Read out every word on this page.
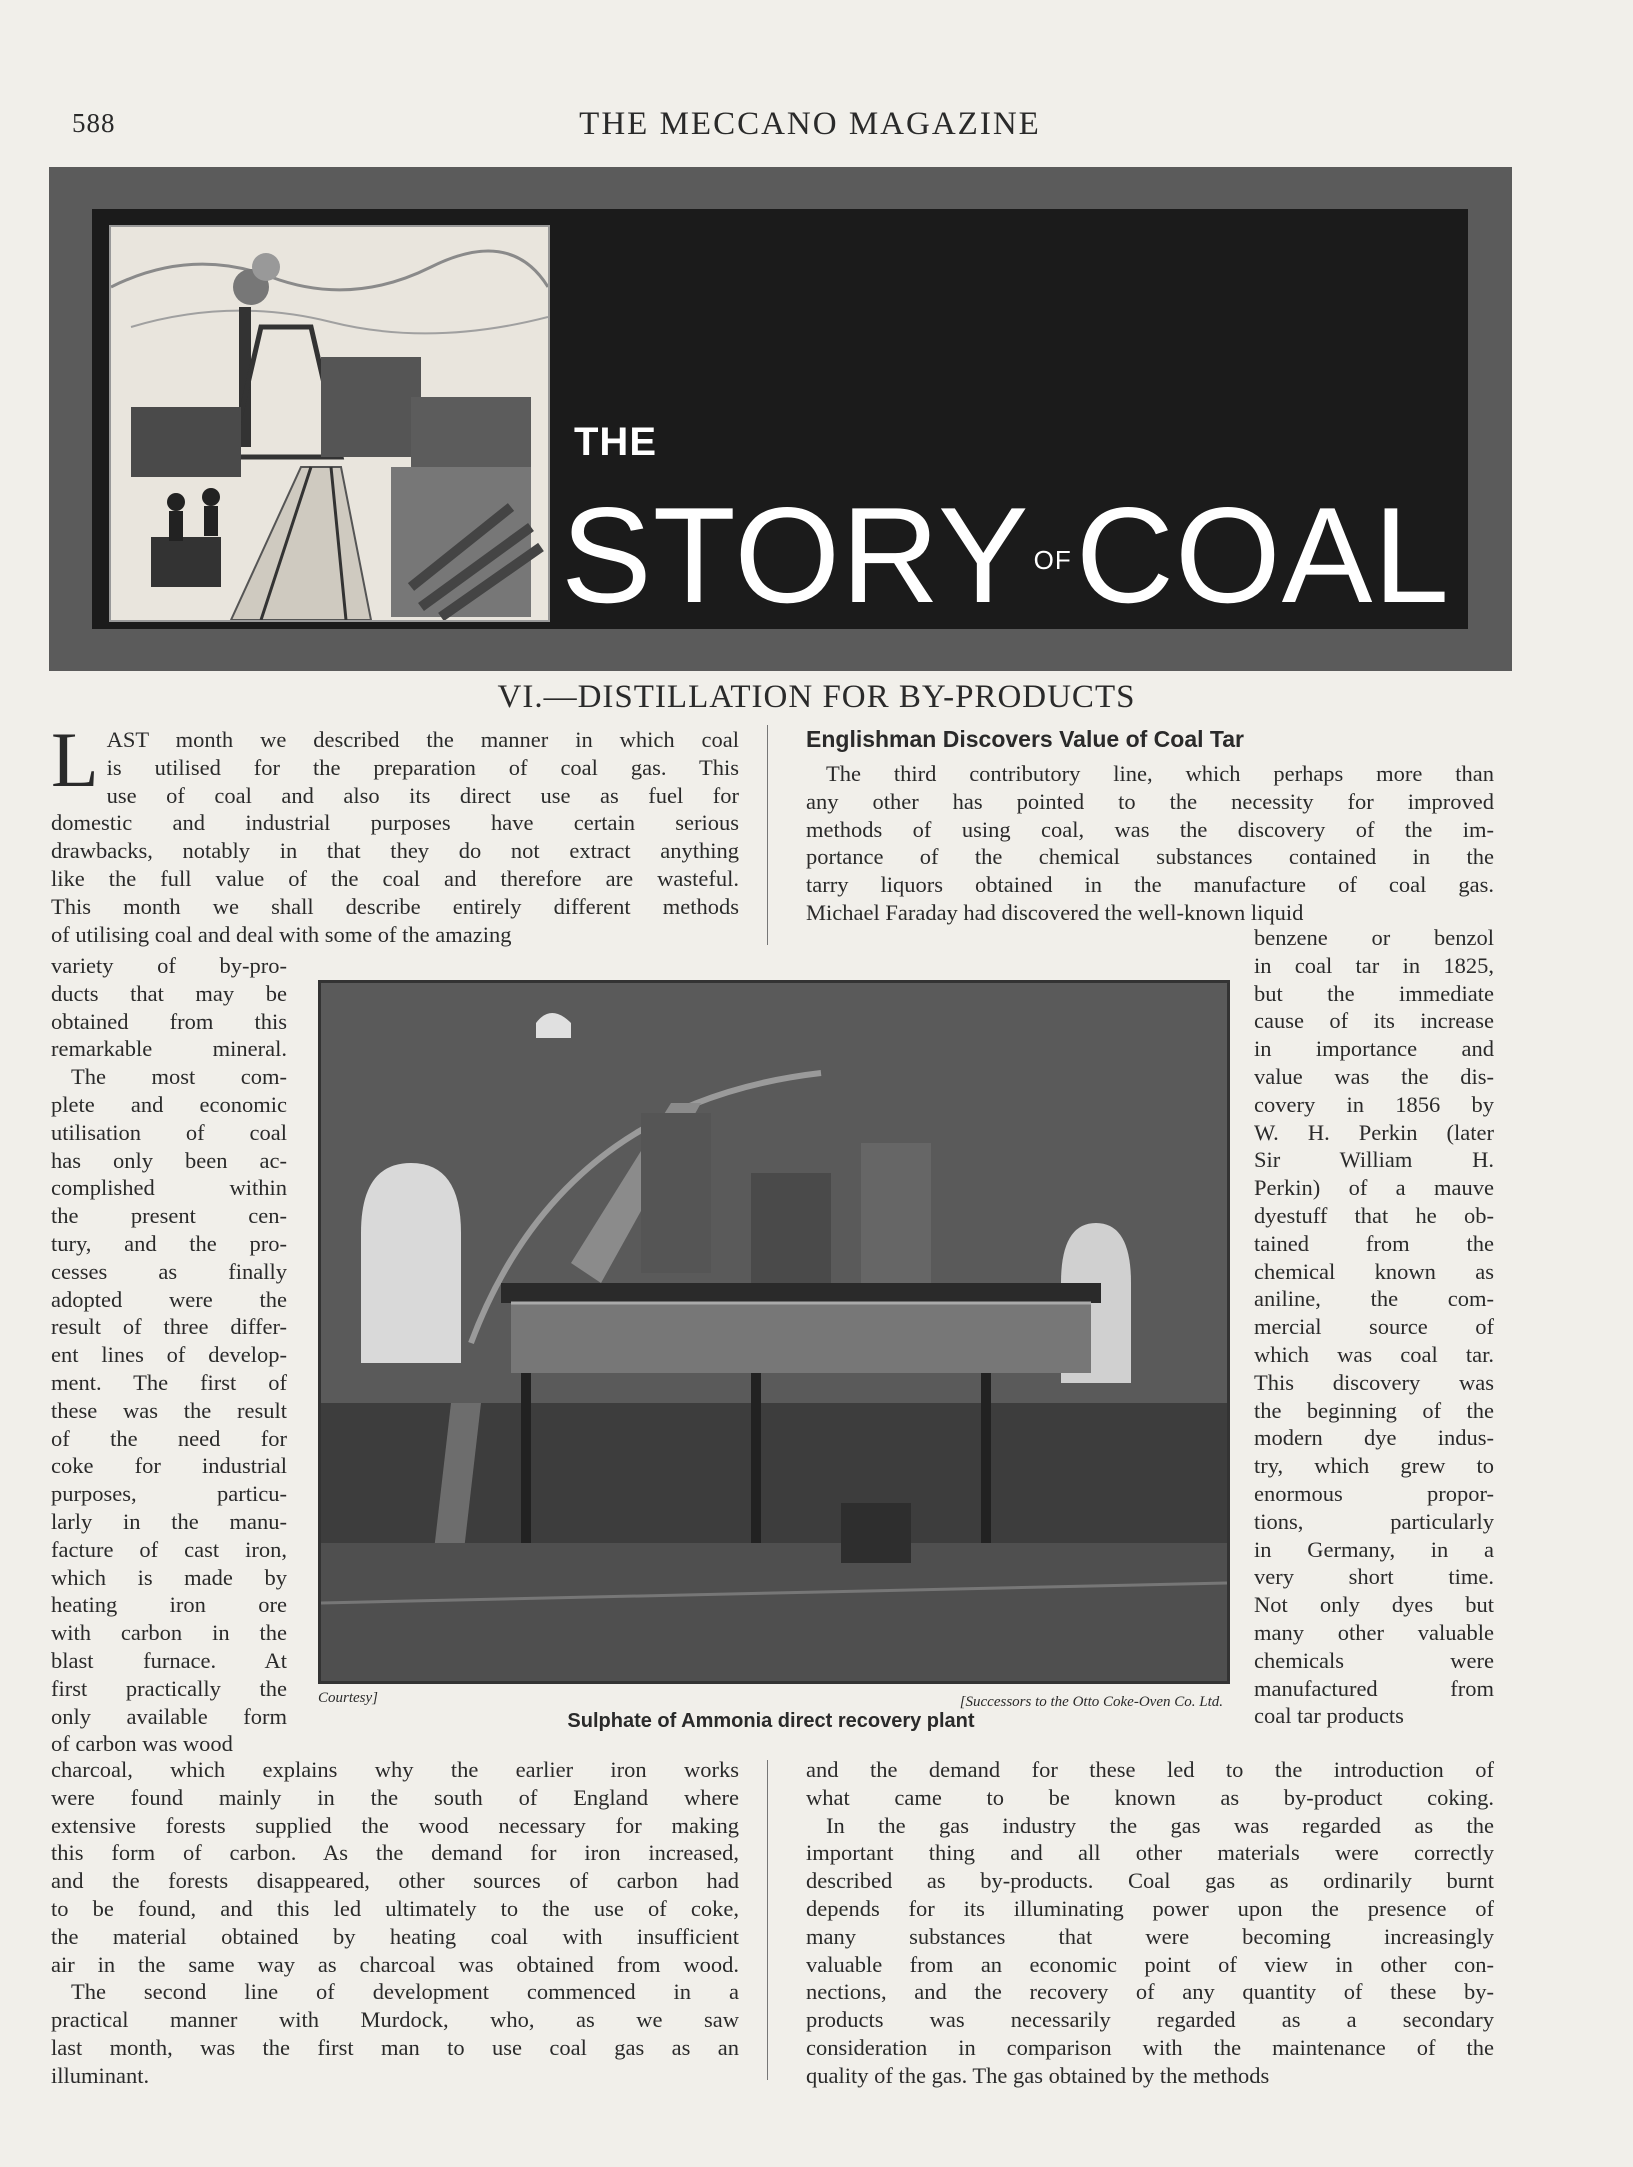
588	THE MECCANO MAGAZINE
THE
STORY OFCOAL
VI.—DISTILLATION FOR BY-PRODUCTS
L AST month we described the manner in which coal
is utilised for the preparation of coal gas. This
use of coal and also its direct use as fuel for
domestic and industrial purposes have certain serious
drawbacks, notably in that they do not extract anything
like the full value of the coal and therefore are wasteful.
This month we shall describe entirely different methods
of utilising coal and deal with some of the amazing

variety of by-pro-
ducts that may be
obtained from this
remarkable mineral.
The most com-
plete and economic
utilisation of coal
has only been ac-
complished within
the present cen-
tury, and the pro-
cesses as finally
adopted were the
result of three differ-
ent lines of develop-
ment. The first of
these was the result
of the need for
coke for industrial
purposes, particu-
larly in the manu-
facture of cast iron,
which is made by
heating iron ore
with carbon in the
blast furnace. At
first practically the
only available form
of carbon was wood

charcoal, which explains why the earlier iron works
were found mainly in the south of England where
extensive forests supplied the wood necessary for making
this form of carbon. As the demand for iron increased,
and the forests disappeared, other sources of carbon had
to be found, and this led ultimately to the use of coke,
the material obtained by heating coal with insufficient
air in the same way as charcoal was obtained from wood.
The second line of development commenced in a
practical manner with Murdock, who, as we saw
last month, was the first man to use coal gas as an
illuminant.

Englishman Discovers Value of Coal Tar

The third contributory line, which perhaps more than
any other has pointed to the necessity for improved
methods of using coal, was the discovery of the im-
portance of the chemical substances contained in the
tarry liquors obtained in the manufacture of coal gas.
Michael Faraday had discovered the well-known liquid

benzene or benzol
in coal tar in 1825,
but the immediate
cause of its increase
in importance and
value was the dis-
covery in 1856 by
W. H. Perkin (later
Sir William H.
Perkin) of a mauve
dyestuff that he ob-
tained from the
chemical known as
aniline, the com-
mercial source of
which was coal tar.
This discovery was
the beginning of the
modern dye indus-
try, which grew to
enormous propor-
tions, particularly
in Germany, in a
very short time.
Not only dyes but
many other valuable
chemicals were
manufactured from
coal tar products

and the demand for these led to the introduction of
what came to be known as by-product coking.
In the gas industry the gas was regarded as the
important thing and all other materials were correctly
described as by-products. Coal gas as ordinarily burnt
depends for its illuminating power upon the presence of
many substances that were becoming increasingly
valuable from an economic point of view in other con-
nections, and the recovery of any quantity of these by-
products was necessarily regarded as a secondary
consideration in comparison with the maintenance of the
quality of the gas. The gas obtained by the methods

Courtesy]	[Successors to the Otto Coke-Oven Co. Ltd.
Sulphate of Ammonia direct recovery plant
